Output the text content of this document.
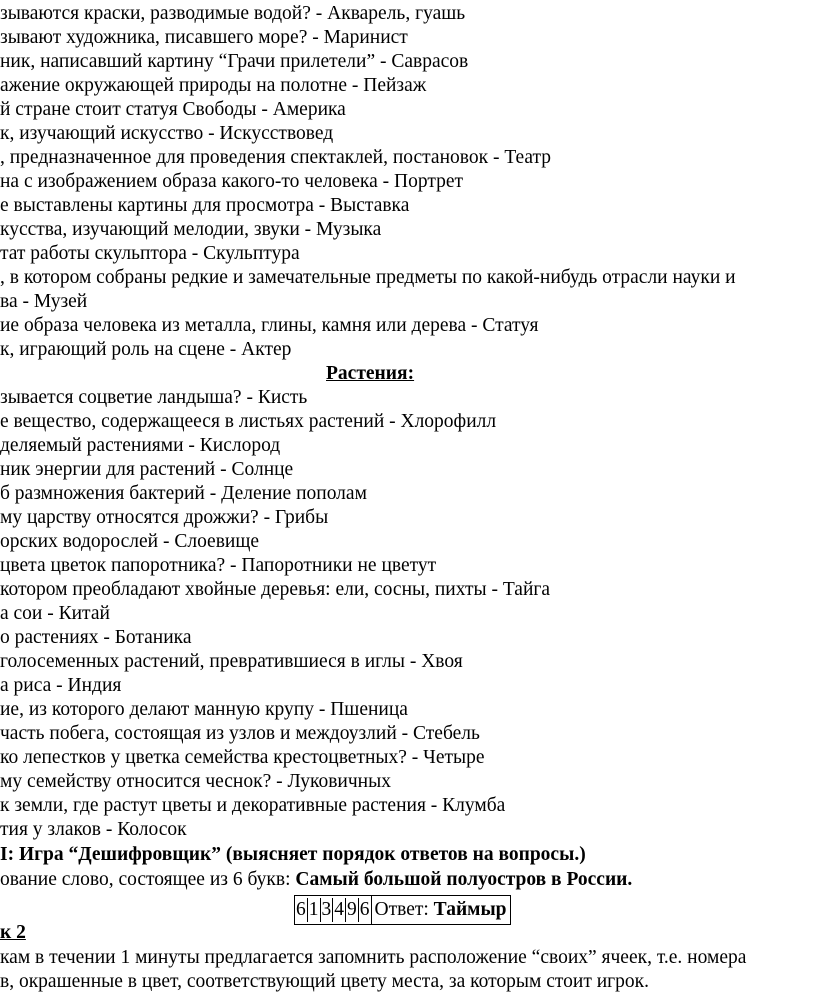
зываются краски, разводимые водой? - Акварель, гуашь
зывают художника, писавшего море? - Маринист
ник, написавший картину “Грачи прилетели” - Саврасов
ажение окружающей природы на полотне - Пейзаж
й стране стоит статуя Свободы - Америка
к, изучающий искусство - Искусствовед
, предназначенное для проведения спектаклей, постановок - Театр
на с изображением образа какого-то человека - Портрет
е выставлены картины для просмотра - Выставка
кусства, изучающий мелодии, звуки - Музыка
тат работы скульптора - Скульптура
, в котором собраны редкие и замечательные предметы по какой-нибудь отрасли науки и
ва - Музей
ие образа человека из металла, глины, камня или дерева - Статуя
к, играющий роль на сцене - Актер
Растения:
зывается соцветие ландыша? - Кисть
е вещество, содержащееся в листьях растений - Хлорофилл
деляемый растениями - Кислород
ник энергии для растений - Солнце
б размножения бактерий - Деление пополам
му царству относятся дрожжи? - Грибы
орских водорослей - Слоевище
цвета цветок папоротника? - Папоротники не цветут
котором преобладают хвойные деревья: ели, сосны, пихты - Тайга
а сои - Китай
о растениях - Ботаника
голосеменных растений, превратившиеся в иглы - Хвоя
а риса - Индия
ие, из которого делают манную крупу - Пшеница
часть побега, состоящая из узлов и междоузлий - Стебель
ко лепестков у цветка семейства крестоцветных? - Четыре
му семейству относится чеснок? - Луковичных
к земли, где растут цветы и декоративные растения - Клумба
тия у злаков - Колосок
I: Игра “Дешифровщик” (выясняет порядок ответов на вопросы.)
ование слово, состоящее из 6 букв: Самый большой полуостров в России.
6 1 3 4 9 6 Ответ: Таймыр
к 2
кам в течении 1 минуты предлагается запомнить расположение “своих” ячеек, т.е. номера
в, окрашенные в цвет, соответствующий цвету места, за которым стоит игрок.
